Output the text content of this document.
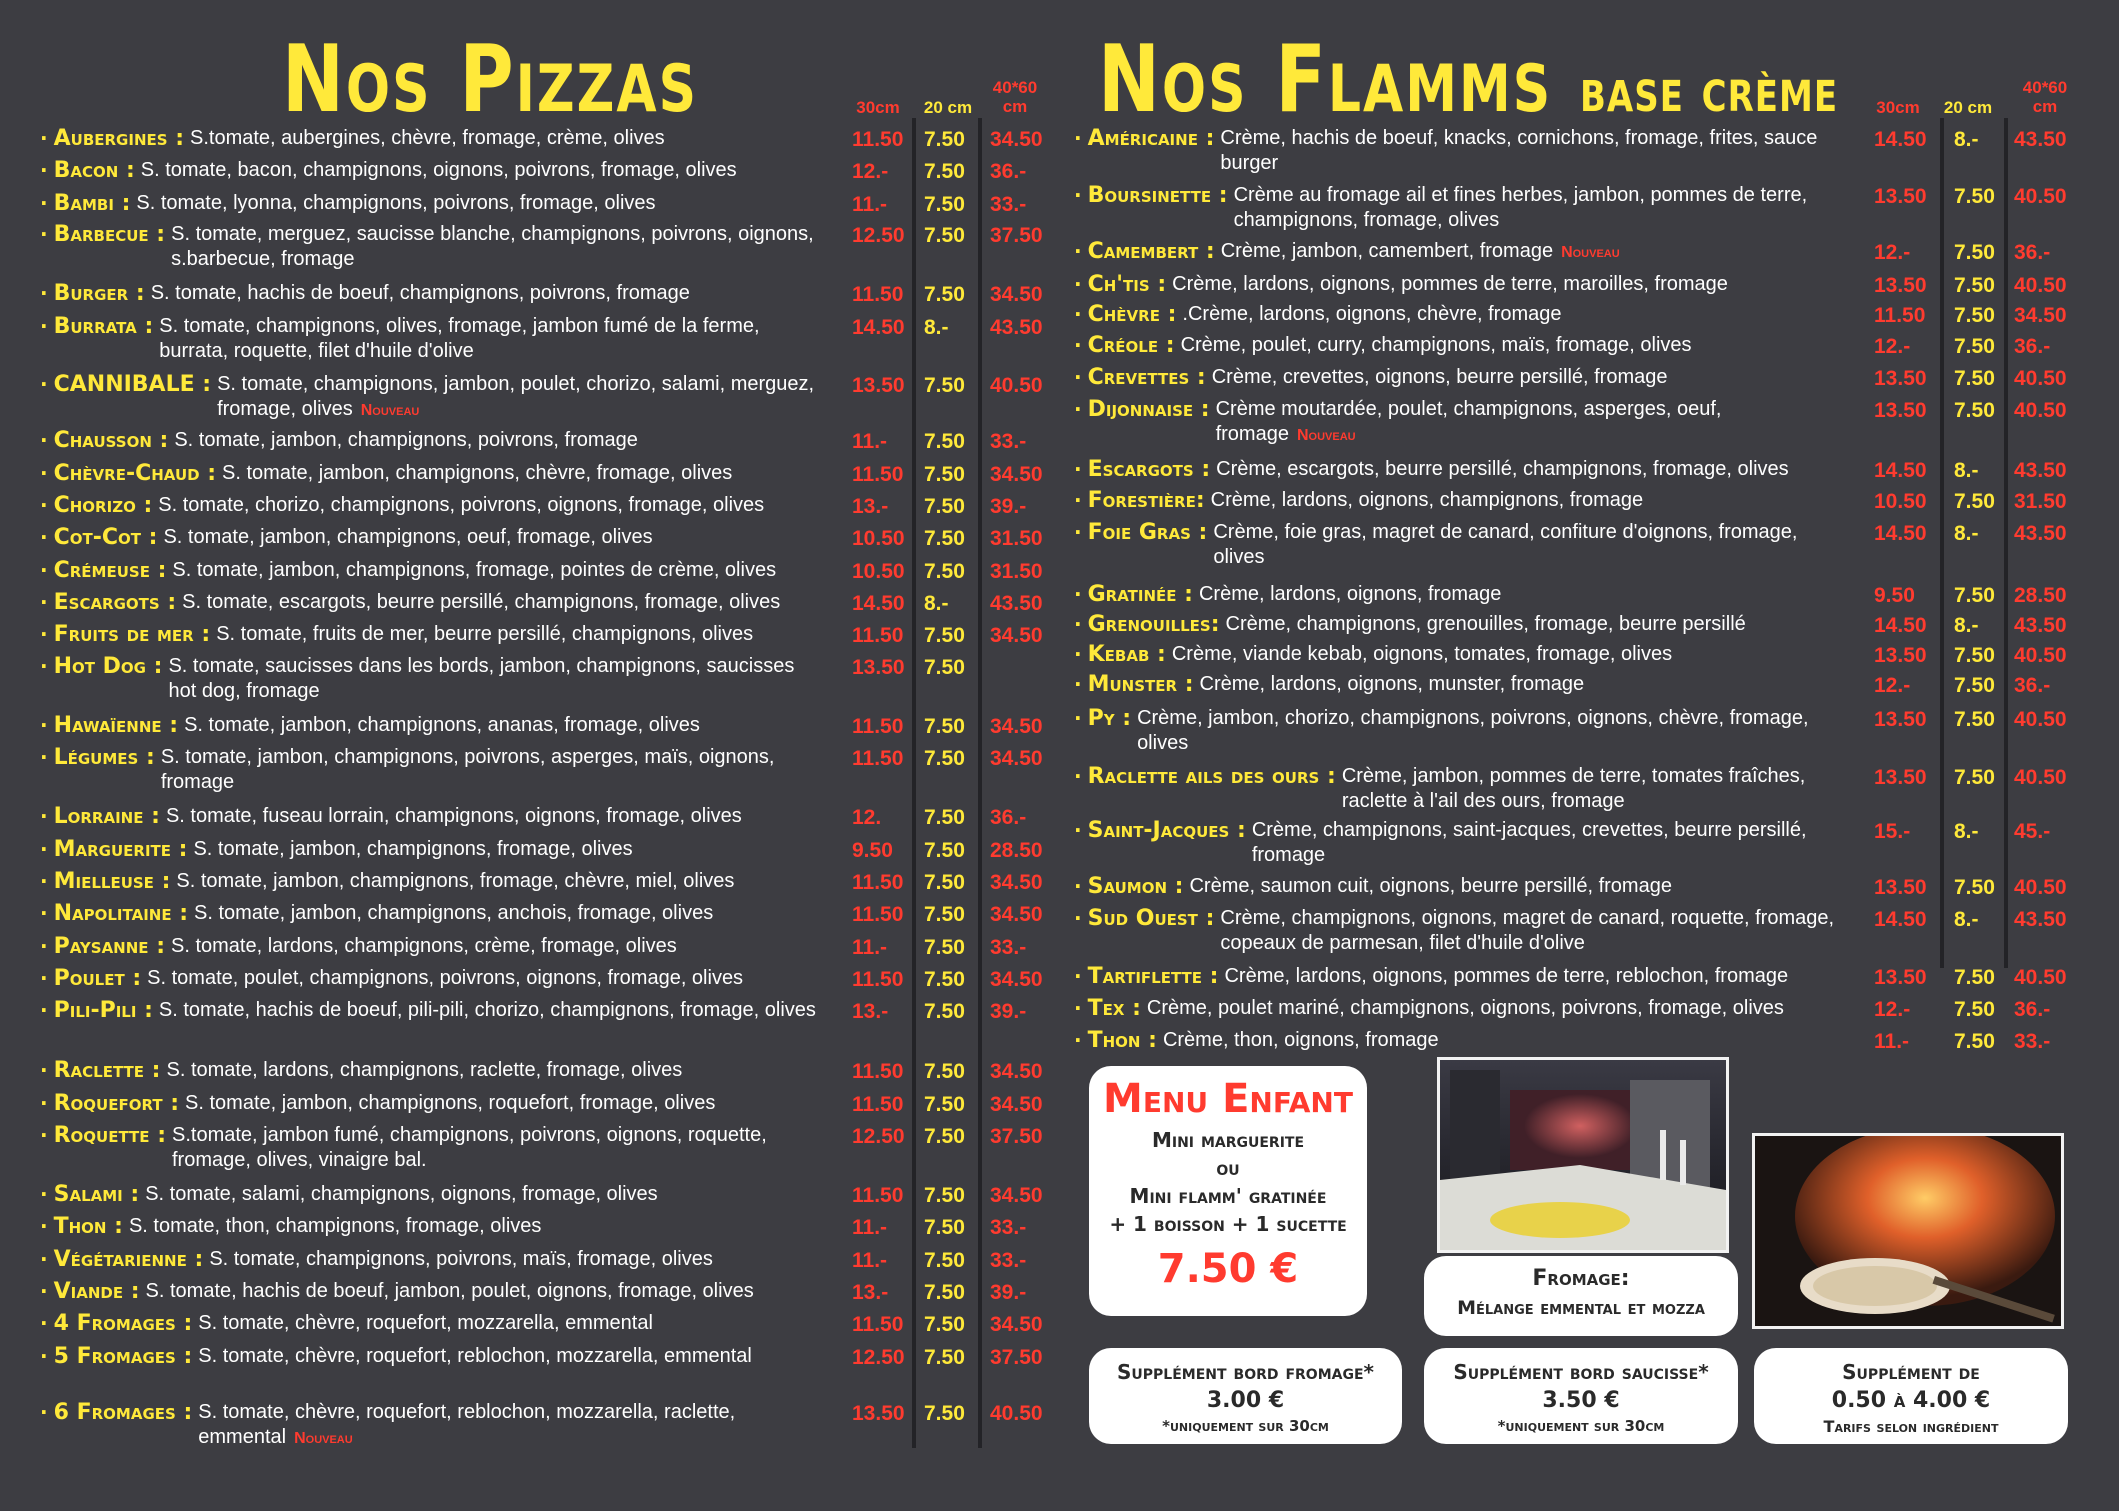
Nos Pizzas	30cm	20 cm
40*60 cm
· Aubergines : S.tomate, aubergines, chèvre, fromage, crème, olives	11.50 7.50 34.50
· Bacon : S. tomate, bacon, champignons, oignons, poivrons, fromage, olives	12.- 7.50 36.-
· Bambi : S. tomate, lyonna, champignons, poivrons, fromage, olives	11.- 7.50 33.-
· Barbecue : S. tomate, merguez, saucisse blanche, champignons, poivrons, oignons, s.barbecue, fromage
12.50 7.50 37.50
· Burger : S. tomate, hachis de boeuf, champignons, poivrons, fromage	11.50 7.50 34.50
· Burrata : S. tomate, champignons, olives, fromage, jambon fumé de la ferme, burrata, roquette, filet d'huile d'olive
14.50 8.- 43.50
· CANNIBALE : S. tomate, champignons, jambon, poulet, chorizo, salami, merguez, fromage, olives Nouveau
13.50 7.50 40.50
· Chausson : S. tomate, jambon, champignons, poivrons, fromage	11.- 7.50 33.-
· Chèvre-Chaud : S. tomate, jambon, champignons, chèvre, fromage, olives	11.50 7.50 34.50
· Chorizo : S. tomate, chorizo, champignons, poivrons, oignons, fromage, olives	13.- 7.50 39.-
· Cot-Cot : S. tomate, jambon, champignons, oeuf, fromage, olives	10.50 7.50 31.50
· Crémeuse : S. tomate, jambon, champignons, fromage, pointes de crème, olives	10.50 7.50 31.50
· Escargots : S. tomate, escargots, beurre persillé, champignons, fromage, olives	14.50 8.- 43.50
· Fruits de mer : S. tomate, fruits de mer, beurre persillé, champignons, olives	11.50 7.50 34.50
· Hot Dog : S. tomate, saucisses dans les bords, jambon, champignons, saucisses hot dog, fromage
13.50 7.50
· Hawaïenne : S. tomate, jambon, champignons, ananas, fromage, olives	11.50 7.50 34.50
· Légumes : S. tomate, jambon, champignons, poivrons, asperges, maïs, oignons, fromage
11.50 7.50 34.50
· Lorraine : S. tomate, fuseau lorrain, champignons, oignons, fromage, olives	12. 7.50 36.-
· Marguerite : S. tomate, jambon, champignons, fromage, olives	9.50 7.50 28.50
· Mielleuse : S. tomate, jambon, champignons, fromage, chèvre, miel, olives	11.50 7.50 34.50
· Napolitaine : S. tomate, jambon, champignons, anchois, fromage, olives	11.50 7.50 34.50
· Paysanne : S. tomate, lardons, champignons, crème, fromage, olives	11.- 7.50 33.-
· Poulet : S. tomate, poulet, champignons, poivrons, oignons, fromage, olives	11.50 7.50 34.50
· Pili-Pili : S. tomate, hachis de boeuf, pili-pili, chorizo, champignons, fromage, olives 13.- 7.50 39.-
· Raclette : S. tomate, lardons, champignons, raclette, fromage, olives	11.50 7.50 34.50
· Roquefort : S. tomate, jambon, champignons, roquefort, fromage, olives	11.50 7.50 34.50
· Roquette : S.tomate, jambon fumé, champignons, poivrons, oignons, roquette, fromage, olives, vinaigre bal.
12.50 7.50 37.50
· Salami : S. tomate, salami, champignons, oignons, fromage, olives	11.50 7.50 34.50
· Thon : S. tomate, thon, champignons, fromage, olives	11.- 7.50 33.-
· Végétarienne : S. tomate, champignons, poivrons, maïs, fromage, olives	11.- 7.50 33.-
· Viande : S. tomate, hachis de boeuf, jambon, poulet, oignons, fromage, olives	13.- 7.50 39.-
· 4 Fromages : S. tomate, chèvre, roquefort, mozzarella, emmental	11.50 7.50 34.50
· 5 Fromages : S. tomate, chèvre, roquefort, reblochon, mozzarella, emmental	12.50 7.50 37.50
· 6 Fromages : S. tomate, chèvre, roquefort, reblochon, mozzarella, raclette, emmental Nouveau
13.50 7.50 40.50
Nos Flamms base crème	30cm	20 cm
40*60 cm
· Américaine : Crème, hachis de boeuf, knacks, cornichons, fromage, frites, sauce burger
14.50 8.- 43.50
· Boursinette : Crème au fromage ail et fines herbes, jambon, pommes de terre, champignons, fromage, olives
13.50 7.50 40.50
· Camembert : Crème, jambon, camembert, fromage Nouveau	12.- 7.50 36.-
· Ch'tis : Crème, lardons, oignons, pommes de terre, maroilles, fromage	13.50 7.50 40.50
· Chèvre : .Crème, lardons, oignons, chèvre, fromage	11.50 7.50 34.50
· Créole : Crème, poulet, curry, champignons, maïs, fromage, olives	12.- 7.50 36.-
· Crevettes : Crème, crevettes, oignons, beurre persillé, fromage	13.50 7.50 40.50
· Dijonnaise : Crème moutardée, poulet, champignons, asperges, oeuf, fromage Nouveau
13.50 7.50 40.50
· Escargots : Crème, escargots, beurre persillé, champignons, fromage, olives	14.50 8.- 43.50
· Forestière: Crème, lardons, oignons, champignons, fromage	10.50 7.50 31.50
· Foie Gras : Crème, foie gras, magret de canard, confiture d'oignons, fromage, olives
14.50 8.- 43.50
· Gratinée : Crème, lardons, oignons, fromage	9.50 7.50 28.50
· Grenouilles: Crème, champignons, grenouilles, fromage, beurre persillé	14.50 8.- 43.50
· Kebab : Crème, viande kebab, oignons, tomates, fromage, olives	13.50 7.50 40.50
· Munster : Crème, lardons, oignons, munster, fromage	12.- 7.50 36.-
· Py : Crème, jambon, chorizo, champignons, poivrons, oignons, chèvre, fromage, olives
13.50 7.50 40.50
· Raclette ails des ours : Crème, jambon, pommes de terre, tomates fraîches, raclette à l'ail des ours, fromage
13.50 7.50 40.50
· Saint-Jacques : Crème, champignons, saint-jacques, crevettes, beurre persillé, fromage
15.- 8.- 45.-
· Saumon : Crème, saumon cuit, oignons, beurre persillé, fromage	13.50 7.50 40.50
· Sud Ouest : Crème, champignons, oignons, magret de canard, roquette, fromage, copeaux de parmesan, filet d'huile d'olive
14.50 8.- 43.50
· Tartiflette : Crème, lardons, oignons, pommes de terre, reblochon, fromage	13.50 7.50 40.50
· Tex : Crème, poulet mariné, champignons, oignons, poivrons, fromage, olives	12.- 7.50 36.-
· Thon : Crème, thon, oignons, fromage	11.- 7.50 33.-
Menu Enfant
Mini marguerite
ou
Mini flamm' gratinée
+ 1 boisson + 1 sucette
7.50 €	Fromage:
Mélange emmental et mozza
Supplément bord fromage*
3.00 €
*uniquement sur 30cm
Supplément bord saucisse*
3.50 €
*uniquement sur 30cm
Supplément de
0.50 à 4.00 €
Tarifs selon ingrédient
